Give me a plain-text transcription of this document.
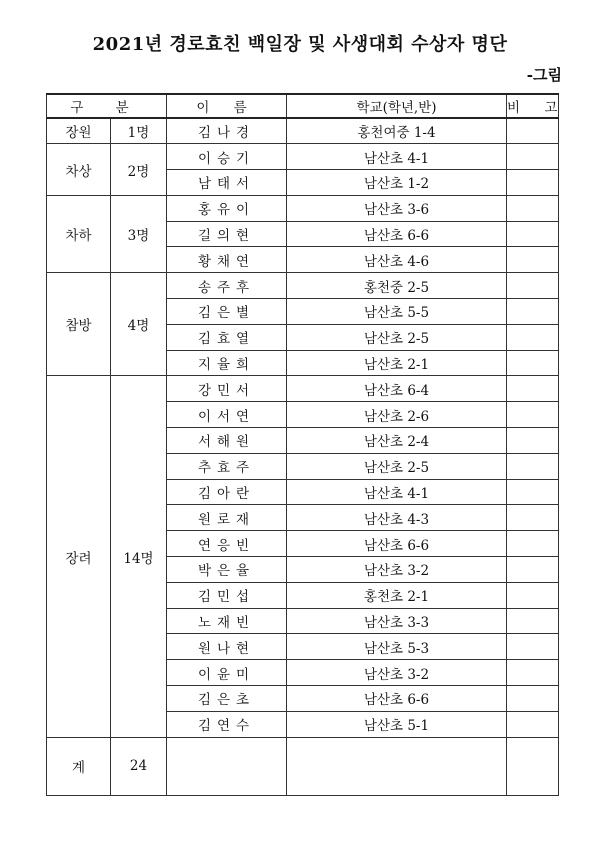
2021년 경로효친 백일장 및 사생대회 수상자 명단
-그림
구 분		이 름	학교(학년,반)	비 고
장원	1명	김나경	홍천여중 1-4	
차상	2명	이승기	남산초 4-1	
		남태서	남산초 1-2	
차하	3명	홍유이	남산초 3-6	
		길의현	남산초 6-6	
		황채연	남산초 4-6	
참방	4명	송주후	홍천중 2-5	
		김은별	남산초 5-5	
		김효열	남산초 2-5	
		지율희	남산초 2-1	
장려	14명	강민서	남산초 6-4	
		이서연	남산초 2-6	
		서해원	남산초 2-4	
		추효주	남산초 2-5	
		김아란	남산초 4-1	
		원로재	남산초 4-3	
		연응빈	남산초 6-6	
		박은율	남산초 3-2	
		김민섭	홍천초 2-1	
		노재빈	남산초 3-3	
		원나현	남산초 5-3	
		이윤미	남산초 3-2	
		김은초	남산초 6-6	
		김연수	남산초 5-1	
계	24			
